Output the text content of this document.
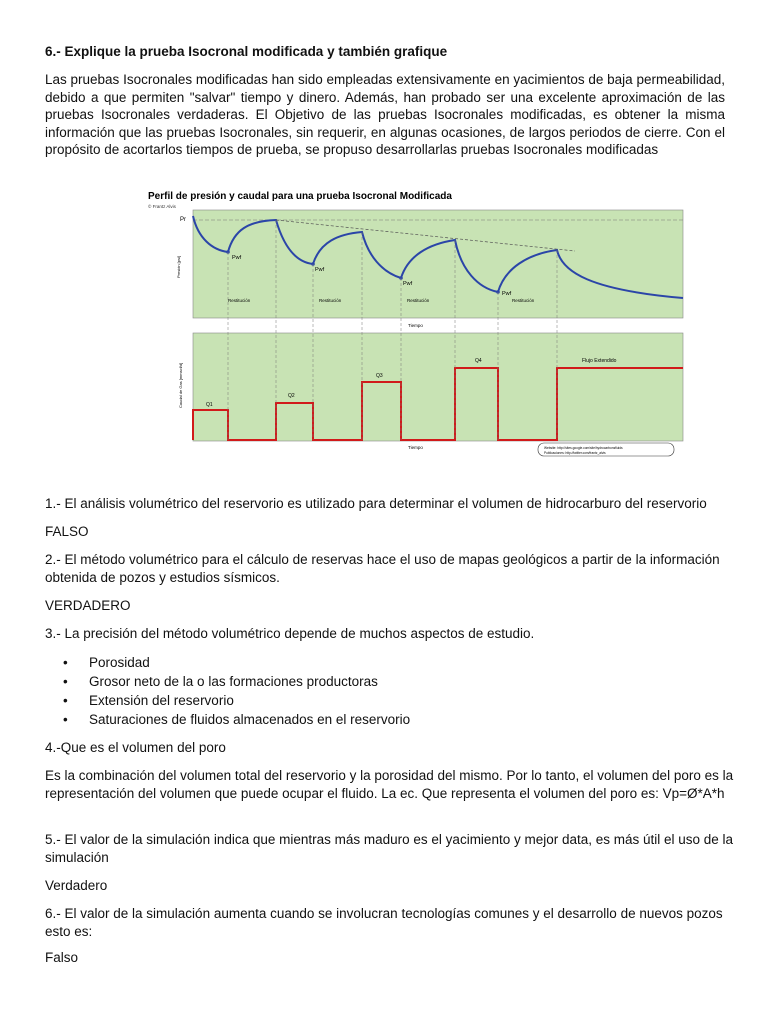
6.- Explique la prueba Isocronal modificada y también grafique

Las pruebas Isocronales modificadas han sido empleadas extensivamente en yacimientos de baja permeabilidad, debido a que permiten "salvar" tiempo y dinero. Además, han probado ser una excelente aproximación de las pruebas Isocronales verdaderas. El Objetivo de las pruebas Isocronales modificadas, es obtener la misma información que las pruebas Isocronales, sin requerir, en algunas ocasiones, de largos periodos de cierre. Con el propósito de acortarlos tiempos de prueba, se propuso desarrollarlas pruebas Isocronales modificadas

Perfil de presión y caudal para una prueba Isocronal Modificada
© Frantz Alvis
Pr
Presión [psi]	Pwf
Pwf
Pwf
Pwf
Restitución	Restitución	Restitución	Restitución
Tiempo
Caudal de Gas [mmscf/d]	Q1
Q2
Q3
Q4	Flujo Extendido
Tiempo	Website: http://sites.google.com/site/hydrocarbonsfluids
Publicaciones: http://twitter.com/frantz_alvis

1.- El análisis volumétrico del reservorio es utilizado para determinar el volumen de hidrocarburo del reservorio

FALSO

2.- El método volumétrico para el cálculo de reservas hace el uso de mapas geológicos a partir de la información obtenida de pozos y estudios sísmicos.

VERDADERO

3.- La precisión del método volumétrico depende de muchos aspectos de estudio.

• Porosidad
• Grosor neto de la o las formaciones productoras
• Extensión del reservorio
• Saturaciones de fluidos almacenados en el reservorio

4.-Que es el volumen del poro

Es la combinación del volumen total del reservorio y la porosidad del mismo. Por lo tanto, el volumen del poro es la representación del volumen que puede ocupar el fluido. La ec. Que representa el volumen del poro es: Vp=Ø*A*h

5.- El valor de la simulación indica que mientras más maduro es el yacimiento y mejor data, es más útil el uso de la simulación

Verdadero

6.- El valor de la simulación aumenta cuando se involucran tecnologías comunes y el desarrollo de nuevos pozos esto es:

Falso
